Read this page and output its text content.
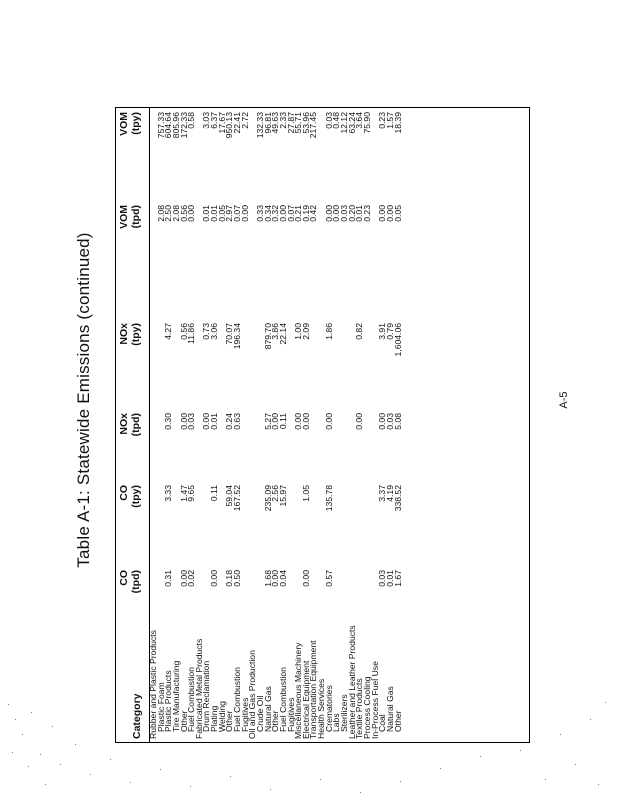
Table A-1: Statewide Emissions (continued)
Category
CO (tpd)
CO (tpy)
NOx (tpd)
NOx (tpy)
VOM (tpd)
VOM (tpy)
Rubber and Plastic Products
Plastic Foam
2.08
757.33
Plastic Products
0.31
3.33
0.30
4.27
2.50
604.64
Tire Manufacturing
2.08
805.96
Other
0.00
1.47
0.00
0.56
0.56
172.33
Fuel Combustion
0.02
9.65
0.03
11.86
0.00
0.58
Fabricated Metal Products
Drum Reclamation
0.00
0.73
0.01
3.03
Plating
0.00
0.11
0.01
3.06
0.01
6.37
Welding
0.05
17.67
Other
0.18
59.04
0.24
70.07
2.97
950.13
Fuel Combustion
0.50
167.52
0.63
196.34
0.07
22.41
Fugitives
0.00
2.72
Oil and Gas Production
Crude Oil
0.33
132.33
Natural Gas
1.68
235.09
5.27
879.70
0.34
96.81
Other
0.00
2.56
0.00
3.86
0.32
49.63
Fuel Combustion
0.04
15.97
0.11
22.14
0.00
2.33
Fugitives
0.07
27.87
Miscellaneous Machinery
0.00
1.00
0.21
55.71
Electrical Equipment
0.00
1.05
0.00
2.09
0.19
53.96
Transportation Equipment
0.42
217.45
Health Services
Crematories
0.57
135.78
0.00
1.86
0.00
0.03
Labs
0.00
0.48
Sterilizers
0.03
12.12
Leather and Leather Products
0.20
63.24
Textile Products
0.00
0.82
0.01
3.64
Process Cooling
0.23
75.90
In-Process Fuel Use
Coal
0.03
3.37
0.00
3.91
0.00
0.23
Natural Gas
0.01
4.19
0.03
0.79
0.00
1.57
Other
1.67
338.52
5.08
1,604.06
0.05
18.39
A-5
